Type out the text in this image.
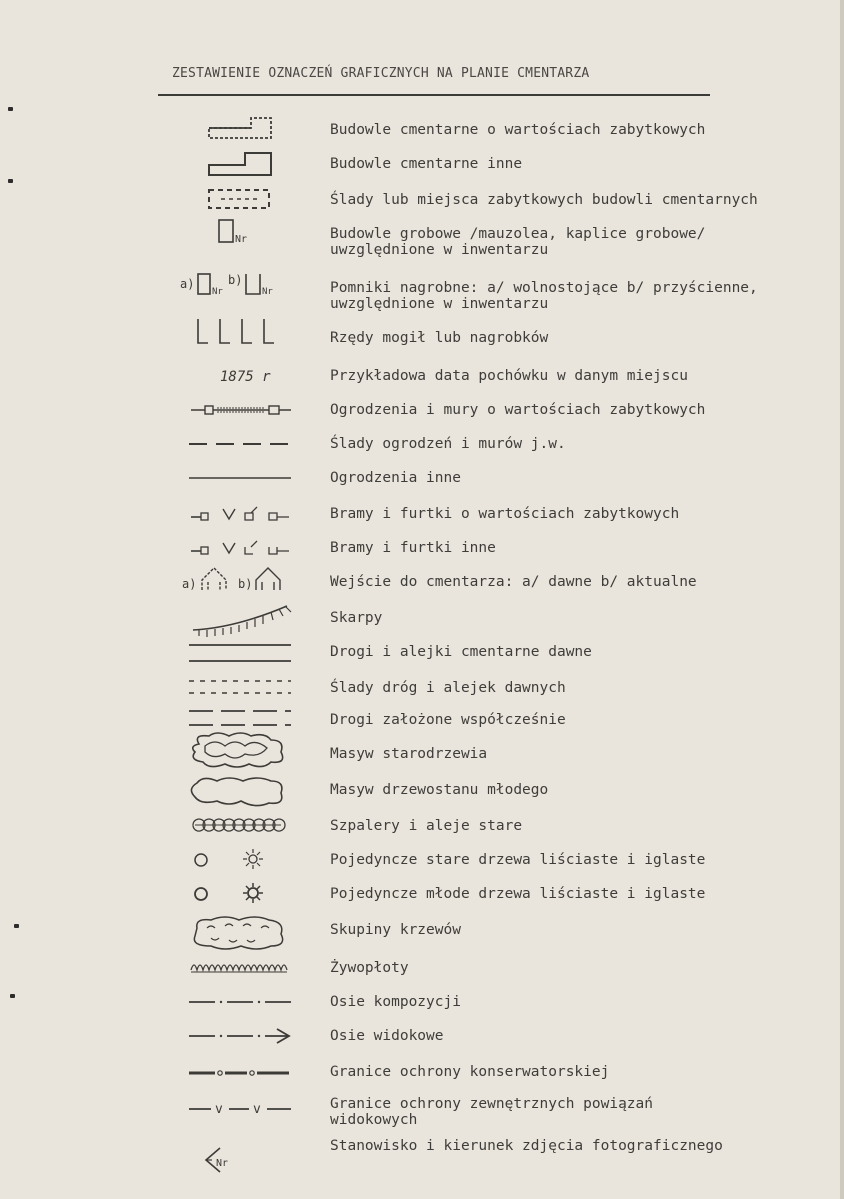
ZESTAWIENIE OZNACZEŃ GRAFICZNYCH NA PLANIE CMENTARZA
Budowle cmentarne o wartościach zabytkowych
Budowle cmentarne inne
Ślady lub miejsca zabytkowych budowli cmentarnych
Nr	Budowle grobowe /mauzolea, kaplice grobowe/
uwzględnione w inwentarzu
a)
Nr
b)
Nr	Pomniki nagrobne: a/ wolnostojące b/ przyścienne,
uwzględnione w inwentarzu
Rzędy mogił lub nagrobków
1875 r	Przykładowa data pochówku w danym miejscu
Ogrodzenia i mury o wartościach zabytkowych
Ślady ogrodzeń i murów j.w.
Ogrodzenia inne
Bramy i furtki o wartościach zabytkowych
Bramy i furtki inne
a)	b)	Wejście do cmentarza: a/ dawne b/ aktualne
Skarpy
Drogi i alejki cmentarne dawne
Ślady dróg i alejek dawnych
Drogi założone współcześnie
Masyw starodrzewia
Masyw drzewostanu młodego
Szpalery i aleje stare
Pojedyncze stare drzewa liściaste i iglaste
Pojedyncze młode drzewa liściaste i iglaste
Skupiny krzewów
Żywopłoty
Osie kompozycji
Osie widokowe
Granice ochrony konserwatorskiej
v v	Granice ochrony zewnętrznych powiązań
widokowych
Stanowisko i kierunek zdjęcia fotograficznego
Nr
